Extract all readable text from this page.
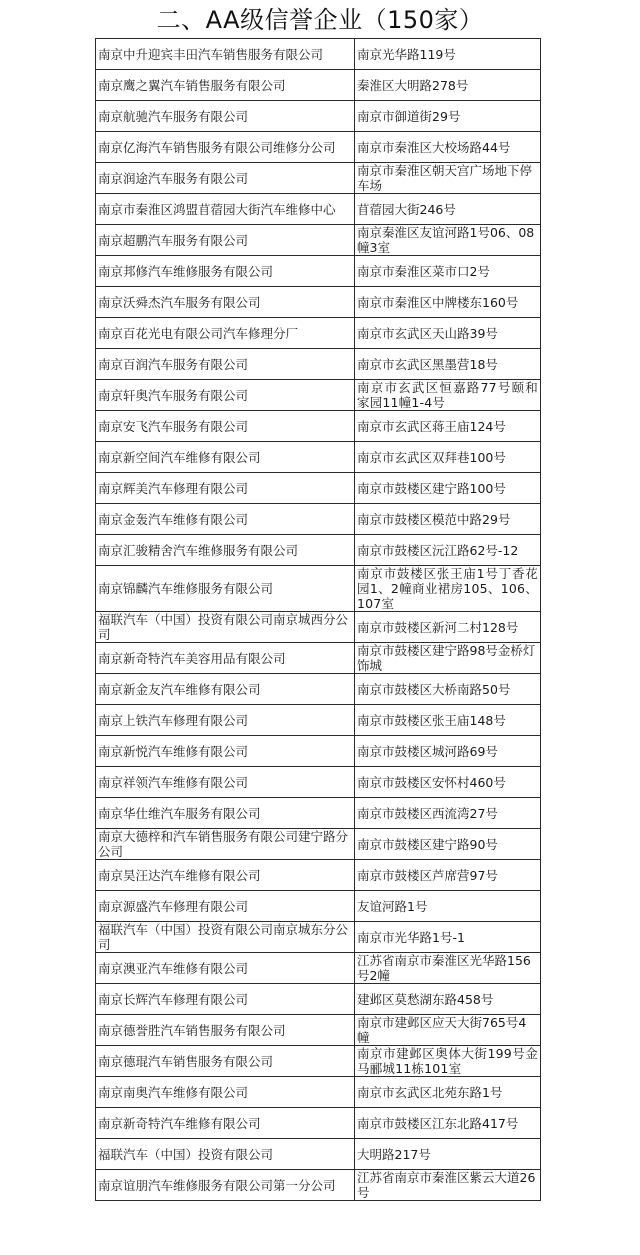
二、AA级信誉企业（150家）
南京中升迎宾丰田汽车销售服务有限公司	南京光华路119号
南京鹰之翼汽车销售服务有限公司	秦淮区大明路278号
南京航驰汽车服务有限公司	南京市御道街29号
南京亿海汽车销售服务有限公司维修分公司	南京市秦淮区大校场路44号
南京润途汽车服务有限公司	南京市秦淮区朝天宫广场地下停车场
南京市秦淮区鸿盟苜蓿园大街汽车维修中心	苜蓿园大街246号
南京超鹏汽车服务有限公司	南京秦淮区友谊河路1号06、08幢3室
南京邦修汽车维修服务有限公司	南京市秦淮区菜市口2号
南京沃舜杰汽车服务有限公司	南京市秦淮区中牌楼东160号
南京百花光电有限公司汽车修理分厂	南京市玄武区天山路39号
南京百润汽车服务有限公司	南京市玄武区黑墨营18号
南京轩奥汽车服务有限公司	南京市玄武区恒嘉路77号颐和家园11幢1-4号
南京安飞汽车服务有限公司	南京市玄武区蒋王庙124号
南京新空间汽车维修有限公司	南京市玄武区双拜巷100号
南京辉美汽车修理有限公司	南京市鼓楼区建宁路100号
南京金轰汽车维修有限公司	南京市鼓楼区模范中路29号
南京汇骏精舍汽车维修服务有限公司	南京市鼓楼区沅江路62号-12
南京锦麟汽车维修服务有限公司	南京市鼓楼区张王庙1号丁香花园1、2幢商业裙房105、106、107室
福联汽车（中国）投资有限公司南京城西分公司	南京市鼓楼区新河二村128号
南京新奇特汽车美容用品有限公司	南京市鼓楼区建宁路98号金桥灯饰城
南京新金友汽车维修有限公司	南京市鼓楼区大桥南路50号
南京上铁汽车修理有限公司	南京市鼓楼区张王庙148号
南京新悦汽车维修有限公司	南京市鼓楼区城河路69号
南京祥领汽车维修有限公司	南京市鼓楼区安怀村460号
南京华仕维汽车服务有限公司	南京市鼓楼区西流湾27号
南京大德梓和汽车销售服务有限公司建宁路分公司	南京市鼓楼区建宁路90号
南京昊汪达汽车维修有限公司	南京市鼓楼区芦席营97号
南京源盛汽车修理有限公司	友谊河路1号
福联汽车（中国）投资有限公司南京城东分公司	南京市光华路1号-1
南京澳亚汽车维修有限公司	江苏省南京市秦淮区光华路156号2幢
南京长辉汽车修理有限公司	建邺区莫愁湖东路458号
南京德誉胜汽车销售服务有限公司	南京市建邺区应天大街765号4幢
南京德琨汽车销售服务有限公司	南京市建邺区奥体大街199号金马郦城11栋101室
南京南奥汽车维修有限公司	南京市玄武区北苑东路1号
南京新奇特汽车维修有限公司	南京市鼓楼区江东北路417号
福联汽车（中国）投资有限公司	大明路217号
南京谊朋汽车维修服务有限公司第一分公司	江苏省南京市秦淮区紫云大道26号
